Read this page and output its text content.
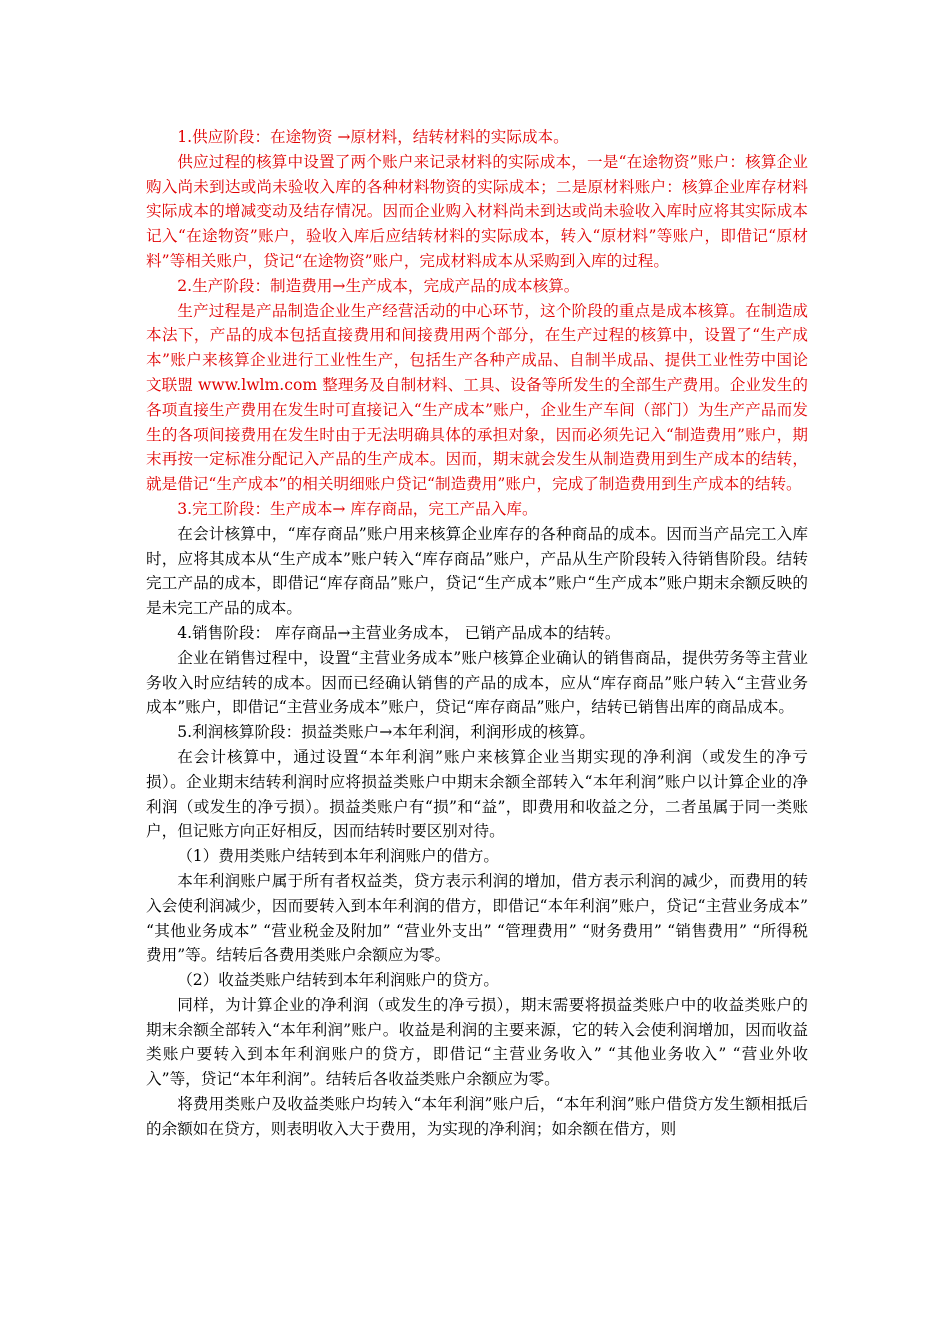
1.供应阶段：在途物资 →原材料，结转材料的实际成本。

供应过程的核算中设置了两个账户来记录材料的实际成本，一是“在途物资”账户：核算企业购入尚未到达或尚未验收入库的各种材料物资的实际成本；二是原材料账户：核算企业库存材料实际成本的增减变动及结存情况。因而企业购入材料尚未到达或尚未验收入库时应将其实际成本记入“在途物资”账户，验收入库后应结转材料的实际成本，转入“原材料”等账户，即借记“原材料”等相关账户，贷记“在途物资”账户，完成材料成本从采购到入库的过程。

2.生产阶段：制造费用→生产成本，完成产品的成本核算。

生产过程是产品制造企业生产经营活动的中心环节，这个阶段的重点是成本核算。在制造成本法下，产品的成本包括直接费用和间接费用两个部分，在生产过程的核算中，设置了“生产成本”账户来核算企业进行工业性生产，包括生产各种产成品、自制半成品、提供工业性劳中国论文联盟 www.lwlm.com 整理务及自制材料、工具、设备等所发生的全部生产费用。企业发生的各项直接生产费用在发生时可直接记入“生产成本”账户，企业生产车间（部门）为生产产品而发生的各项间接费用在发生时由于无法明确具体的承担对象，因而必须先记入“制造费用”账户，期末再按一定标准分配记入产品的生产成本。因而，期末就会发生从制造费用到生产成本的结转，就是借记“生产成本”的相关明细账户贷记“制造费用”账户，完成了制造费用到生产成本的结转。

3.完工阶段：生产成本→ 库存商品，完工产品入库。

在会计核算中，“库存商品”账户用来核算企业库存的各种商品的成本。因而当产品完工入库时，应将其成本从“生产成本”账户转入“库存商品”账户，产品从生产阶段转入待销售阶段。结转完工产品的成本，即借记“库存商品”账户，贷记“生产成本”账户“生产成本”账户期末余额反映的是未完工产品的成本。

4.销售阶段： 库存商品→主营业务成本， 已销产品成本的结转。

企业在销售过程中，设置“主营业务成本”账户核算企业确认的销售商品，提供劳务等主营业务收入时应结转的成本。因而已经确认销售的产品的成本，应从“库存商品”账户转入“主营业务成本”账户，即借记“主营业务成本”账户，贷记“库存商品”账户，结转已销售出库的商品成本。

5.利润核算阶段：损益类账户→本年利润，利润形成的核算。

在会计核算中，通过设置“本年利润”账户来核算企业当期实现的净利润（或发生的净亏损）。企业期末结转利润时应将损益类账户中期末余额全部转入“本年利润”账户以计算企业的净利润（或发生的净亏损）。损益类账户有“损”和“益”，即费用和收益之分，二者虽属于同一类账户，但记账方向正好相反，因而结转时要区别对待。

（1）费用类账户结转到本年利润账户的借方。

本年利润账户属于所有者权益类，贷方表示利润的增加，借方表示利润的减少，而费用的转入会使利润减少，因而要转入到本年利润的借方，即借记“本年利润”账户，贷记“主营业务成本” “其他业务成本” “营业税金及附加” “营业外支出” “管理费用” “财务费用” “销售费用” “所得税费用”等。结转后各费用类账户余额应为零。

（2）收益类账户结转到本年利润账户的贷方。

同样，为计算企业的净利润（或发生的净亏损），期末需要将损益类账户中的收益类账户的期末余额全部转入“本年利润”账户。收益是利润的主要来源，它的转入会使利润增加，因而收益类账户要转入到本年利润账户的贷方，即借记“主营业务收入” “其他业务收入” “营业外收入”等，贷记“本年利润”。结转后各收益类账户余额应为零。

将费用类账户及收益类账户均转入“本年利润”账户后，“本年利润”账户借贷方发生额相抵后的余额如在贷方，则表明收入大于费用，为实现的净利润；如余额在借方，则
